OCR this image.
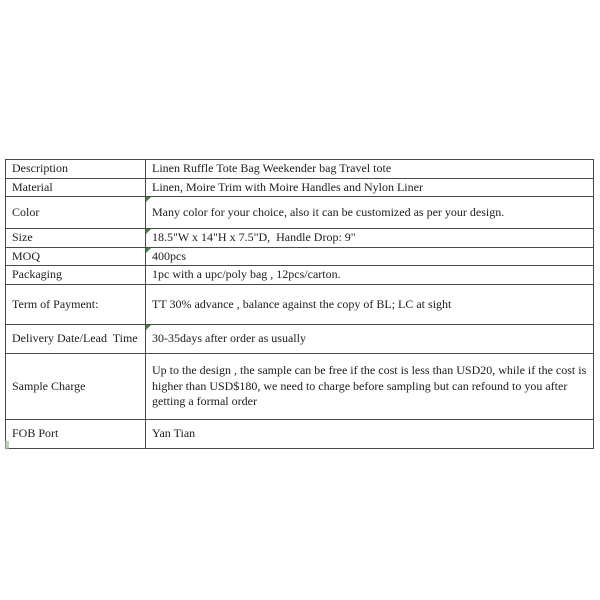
Description	Linen Ruffle Tote Bag Weekender bag Travel tote
Material	Linen, Moire Trim with Moire Handles and Nylon Liner
Color	Many color for your choice, also it can be customized as per your design.
Size	18.5"W x 14"H x 7.5"D,  Handle Drop: 9"
MOQ	400pcs
Packaging	1pc with a upc/poly bag , 12pcs/carton.
Term of Payment:	TT 30% advance , balance against the copy of BL; LC at sight
Delivery Date/Lead  Time	30-35days after order as usually
Sample Charge	Up to the design , the sample can be free if the cost is less than USD20, while if the cost is higher than USD$180, we need to charge before sampling but can refound to you after getting a formal order
FOB Port	Yan Tian
